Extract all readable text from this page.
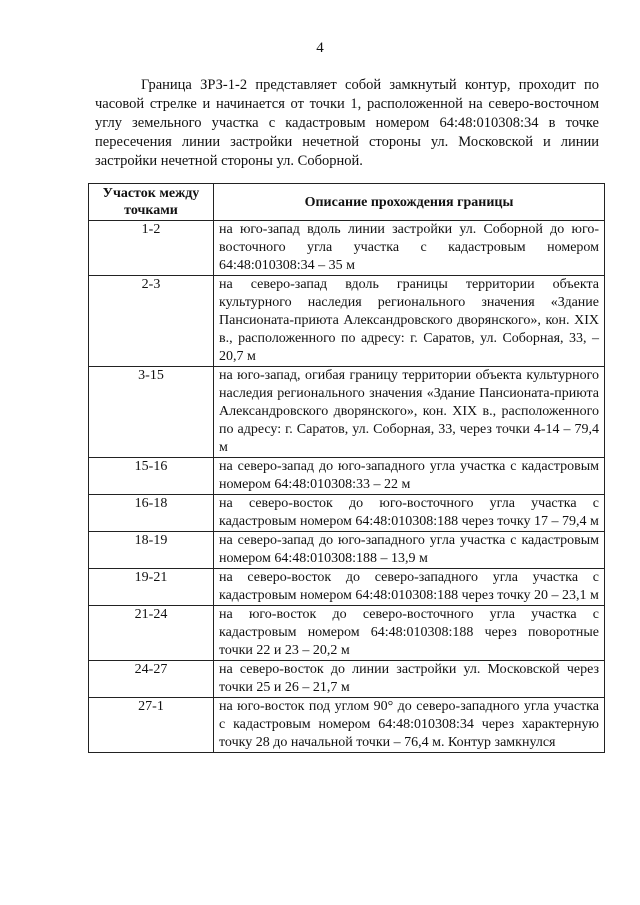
4

Граница ЗРЗ-1-2 представляет собой замкнутый контур, проходит по часовой стрелке и начинается от точки 1, расположенной на северо-восточном углу земельного участка с кадастровым номером 64:48:010308:34 в точке пересечения линии застройки нечетной стороны ул. Московской и линии застройки нечетной стороны ул. Соборной.

Участок между точками	Описание прохождения границы
1-2	на юго-запад вдоль линии застройки ул. Соборной до юго-восточного угла участка с кадастровым номером 64:48:010308:34 – 35 м
2-3	на северо-запад вдоль границы территории объекта культурного наследия регионального значения «Здание Пансионата-приюта Александровского дворянского», кон. XIX в., расположенного по адресу: г. Саратов, ул. Соборная, 33, – 20,7 м
3-15	на юго-запад, огибая границу территории объекта культурного наследия регионального значения «Здание Пансионата-приюта Александровского дворянского», кон. XIX в., расположенного по адресу: г. Саратов, ул. Соборная, 33, через точки 4-14 – 79,4 м
15-16	на северо-запад до юго-западного угла участка с кадастровым номером 64:48:010308:33 – 22 м
16-18	на северо-восток до юго-восточного угла участка с кадастровым номером 64:48:010308:188 через точку 17 – 79,4 м
18-19	на северо-запад до юго-западного угла участка с кадастровым номером 64:48:010308:188 – 13,9 м
19-21	на северо-восток до северо-западного угла участка с кадастровым номером 64:48:010308:188 через точку 20 – 23,1 м
21-24	на юго-восток до северо-восточного угла участка с кадастровым номером 64:48:010308:188 через поворотные точки 22 и 23 – 20,2 м
24-27	на северо-восток до линии застройки ул. Московской через точки 25 и 26 – 21,7 м
27-1	на юго-восток под углом 90° до северо-западного угла участка с кадастровым номером 64:48:010308:34 через характерную точку 28 до начальной точки – 76,4 м. Контур замкнулся
